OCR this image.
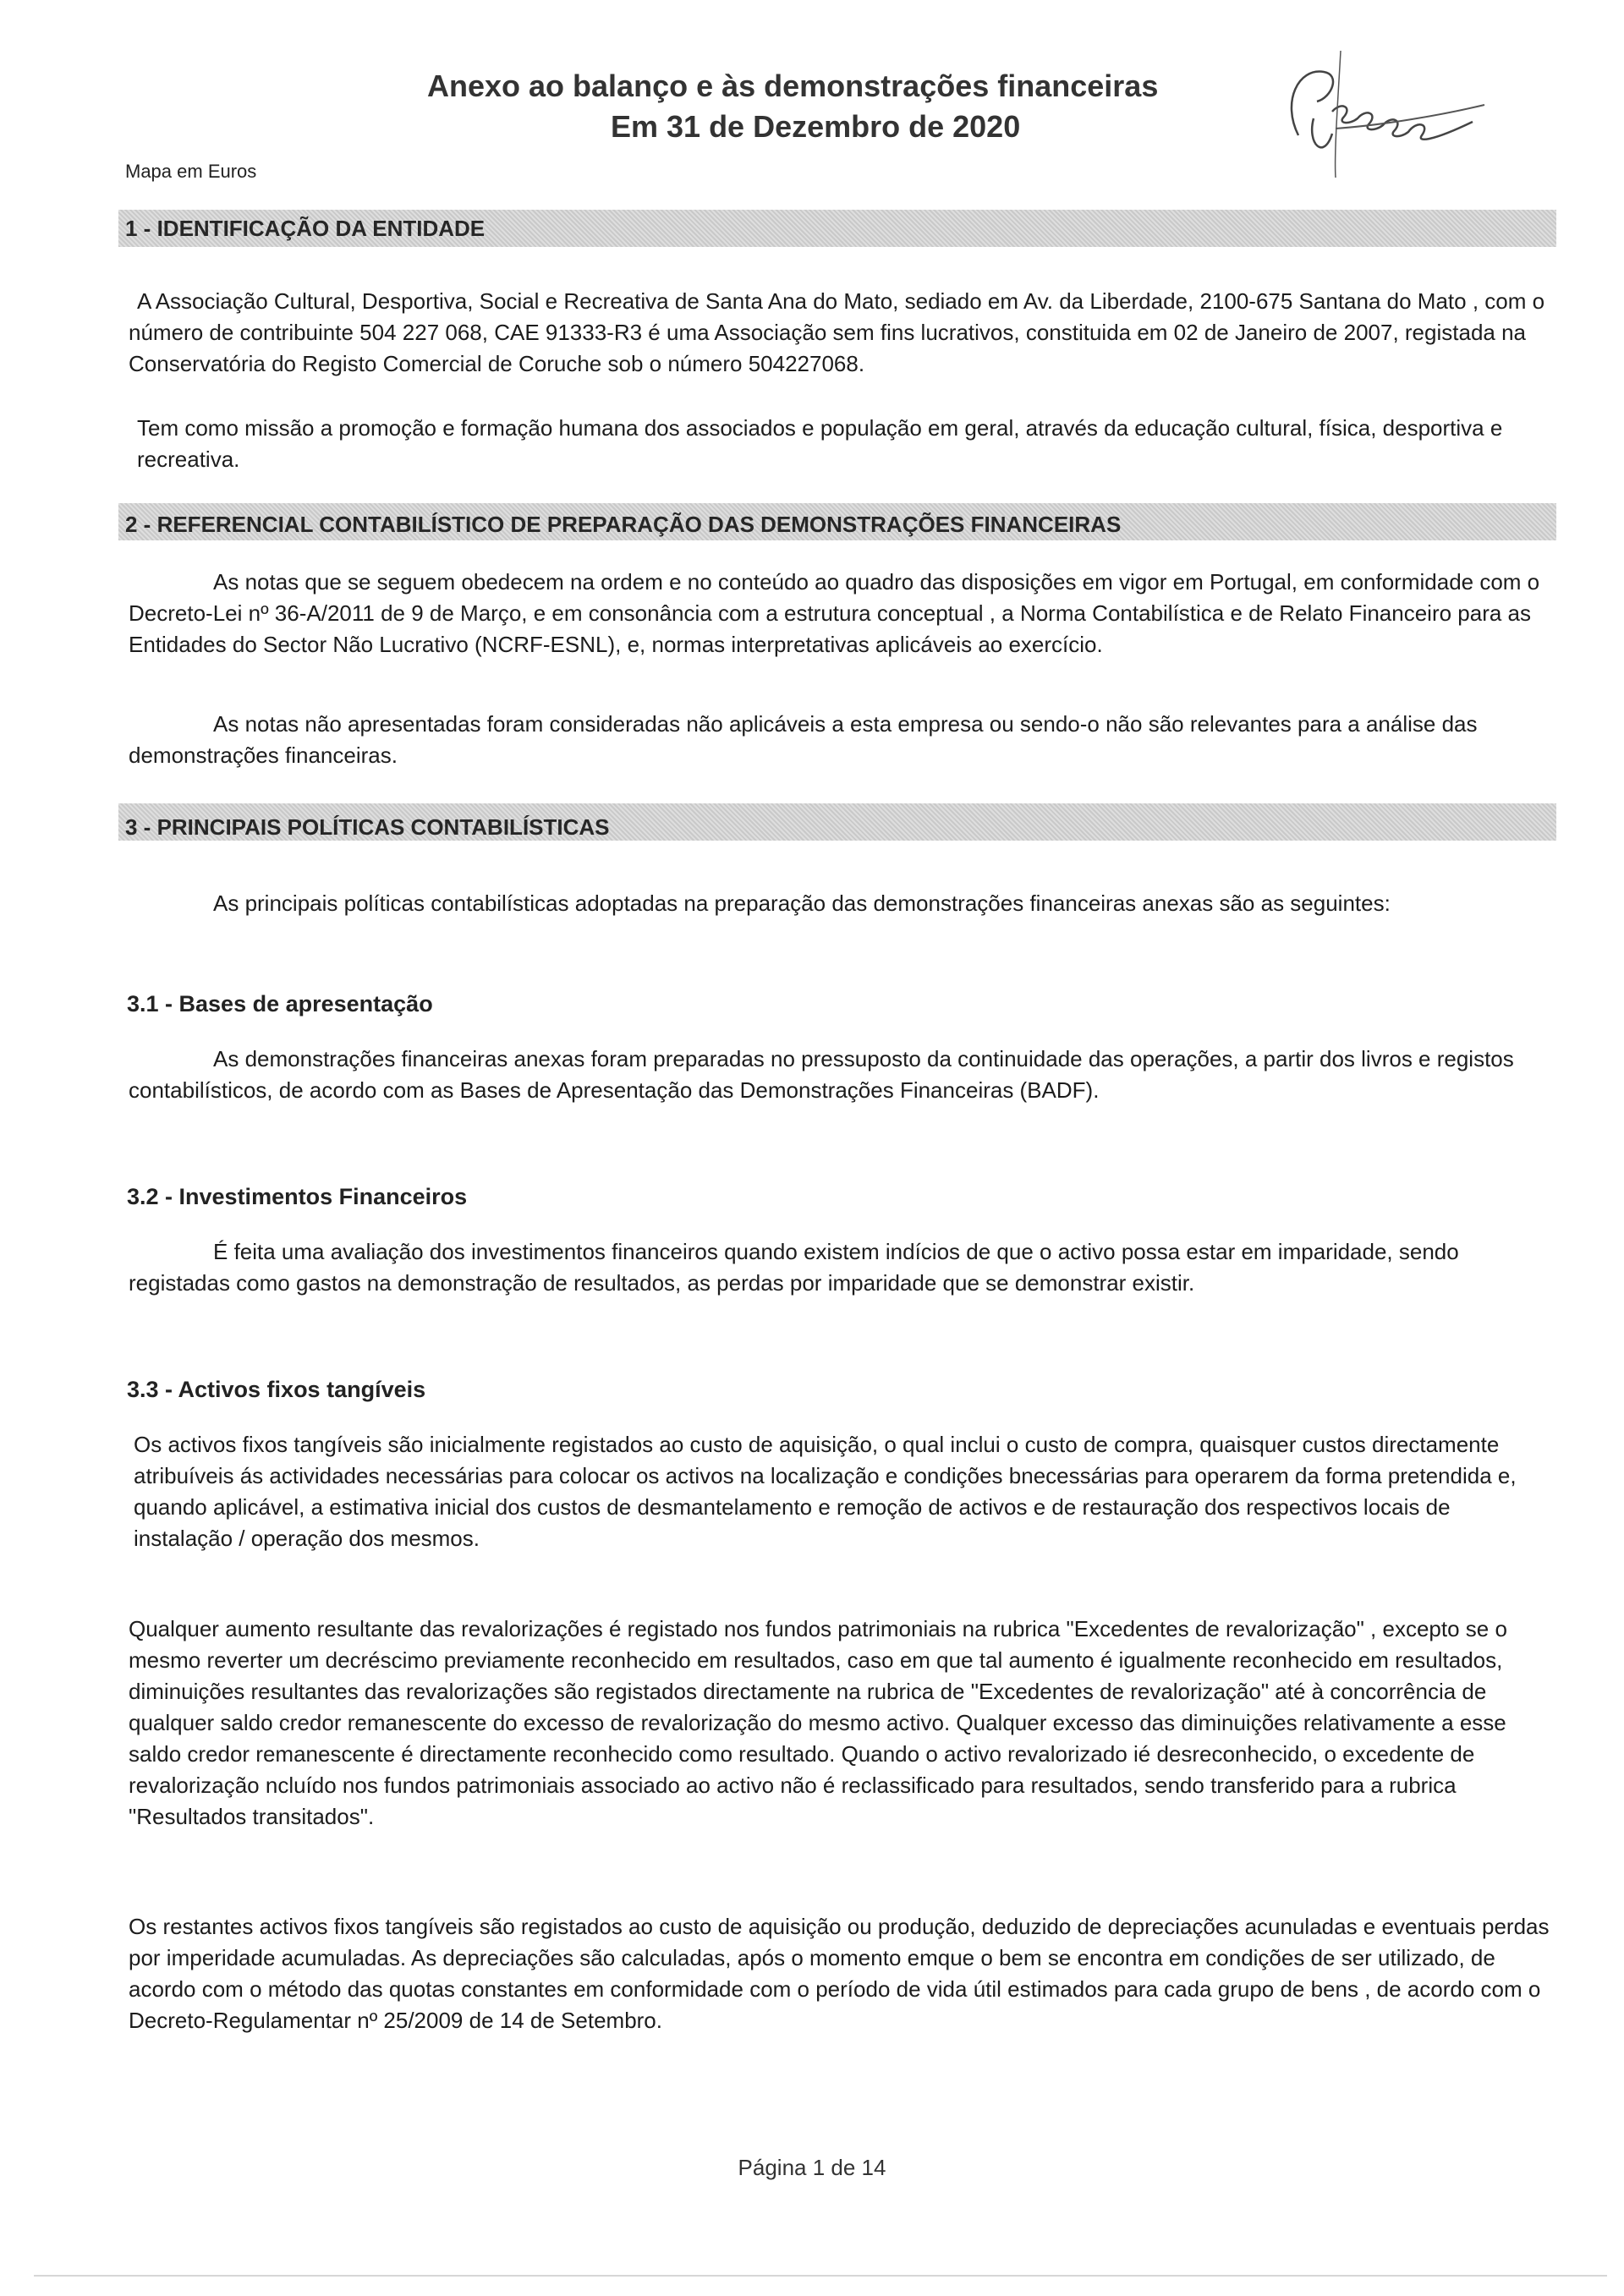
Anexo ao balanço e às demonstrações financeiras
Em 31 de Dezembro de 2020
Mapa em Euros
1 - IDENTIFICAÇÃO DA ENTIDADE
A Associação Cultural, Desportiva, Social e Recreativa de Santa Ana do Mato, sediado em Av. da Liberdade, 2100-675 Santana do Mato , com o número de contribuinte 504 227 068, CAE 91333-R3 é uma Associação sem fins lucrativos, constituida em 02 de Janeiro de 2007, registada na Conservatória do Registo Comercial de Coruche sob o número 504227068.
Tem como missão a promoção e formação humana dos associados e população em geral, através da educação cultural, física, desportiva e recreativa.
2 - REFERENCIAL CONTABILÍSTICO DE PREPARAÇÃO DAS DEMONSTRAÇÕES FINANCEIRAS
As notas que se seguem obedecem na ordem e no conteúdo ao quadro das disposições em vigor em Portugal, em conformidade com o Decreto-Lei nº 36-A/2011 de 9 de Março, e em consonância com a estrutura conceptual , a Norma Contabilística e de Relato Financeiro para as Entidades do Sector Não Lucrativo (NCRF-ESNL), e, normas interpretativas aplicáveis ao exercício.
As notas não apresentadas foram consideradas não aplicáveis a esta empresa ou sendo-o não são relevantes para a análise das demonstrações financeiras.
3 - PRINCIPAIS POLÍTICAS CONTABILÍSTICAS
As principais políticas contabilísticas adoptadas na preparação das demonstrações financeiras anexas são as seguintes:
3.1 - Bases de apresentação
As demonstrações financeiras anexas foram preparadas no pressuposto da continuidade das operações, a partir dos livros e registos contabilísticos, de acordo com as Bases de Apresentação das Demonstrações Financeiras (BADF).
3.2 - Investimentos Financeiros
É feita uma avaliação dos investimentos financeiros quando existem indícios de que o activo possa estar em imparidade, sendo registadas como gastos na demonstração de resultados, as perdas por imparidade que se demonstrar existir.
3.3 - Activos fixos tangíveis
Os activos fixos tangíveis são inicialmente registados ao custo de aquisição, o qual inclui o custo de compra, quaisquer custos directamente atribuíveis ás actividades necessárias para colocar os activos na localização e condições bnecessárias para operarem da forma pretendida e, quando aplicável, a estimativa inicial dos custos de desmantelamento e remoção de activos e de restauração dos respectivos locais de instalação / operação dos mesmos.
Qualquer aumento resultante das revalorizações é registado nos fundos patrimoniais na rubrica "Excedentes de revalorização" , excepto se o mesmo reverter um decréscimo previamente reconhecido em resultados, caso em que tal aumento é igualmente reconhecido em resultados, diminuições resultantes das revalorizações são registados directamente na rubrica de "Excedentes de revalorização" até à concorrência de qualquer saldo credor remanescente do excesso de revalorização do mesmo activo. Qualquer excesso das diminuições relativamente a esse saldo credor remanescente é directamente reconhecido como resultado. Quando o activo revalorizado ié desreconhecido, o excedente de revalorização ncluído nos fundos patrimoniais associado ao activo não é reclassificado para resultados, sendo transferido para a rubrica "Resultados transitados".
Os restantes activos fixos tangíveis são registados ao custo de aquisição ou produção, deduzido de depreciações acunuladas e eventuais perdas por imperidade acumuladas. As depreciações são calculadas, após o momento emque o bem se encontra em condições de ser utilizado, de acordo com o método das quotas constantes em conformidade com o período de vida útil estimados para cada grupo de bens , de acordo com o Decreto-Regulamentar nº 25/2009 de 14 de Setembro.
Página 1 de 14
